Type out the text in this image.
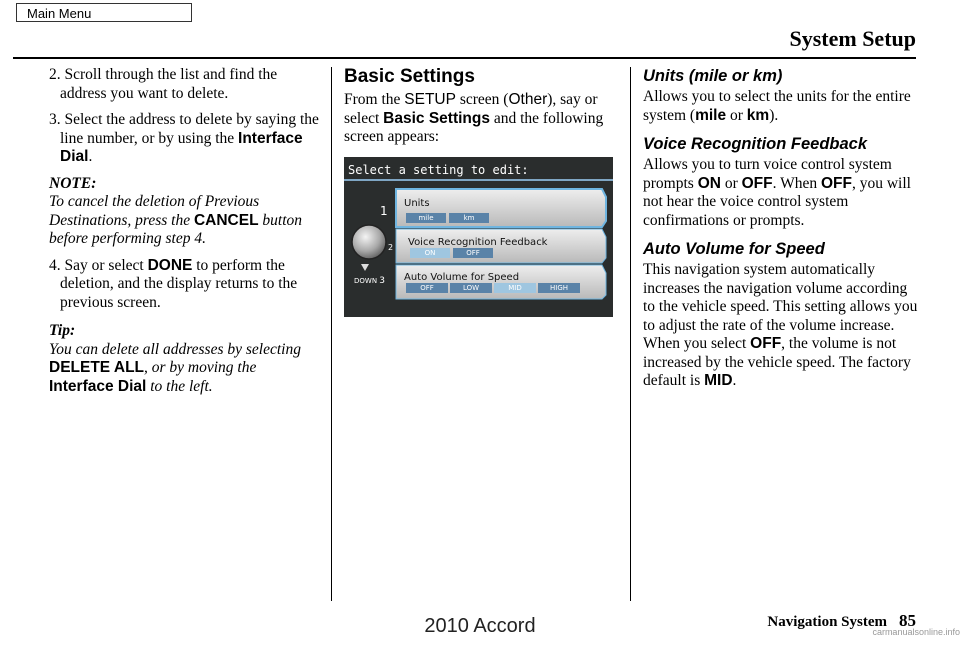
Main Menu
System Setup
2. Scroll through the list and find the address you want to delete.
3. Select the address to delete by saying the line number, or by using the Interface Dial.
NOTE:
To cancel the deletion of Previous Destinations, press the CANCEL button before performing step 4.
4. Say or select DONE to perform the deletion, and the display returns to the previous screen.
Tip:
You can delete all addresses by selecting DELETE ALL, or by moving the Interface Dial to the left.
Basic Settings

From the SETUP screen (Other), say or select Basic Settings and the following screen appears:

Select a setting to edit:
1
2
DOWN 3
Units
Voice Recognition Feedback
Auto Volume for Speed
mile	km
ON	OFF
OFF	LOW	MID	HIGH
Units (mile or km)
Allows you to select the units for the entire system (mile or km).
Voice Recognition Feedback
Allows you to turn voice control system prompts ON or OFF. When OFF, you will not hear the voice control system confirmations or prompts.
Auto Volume for Speed
This navigation system automatically increases the navigation volume according to the vehicle speed. This setting allows you to adjust the rate of the volume increase.
When you select OFF, the volume is not increased by the vehicle speed. The factory default is MID.
Navigation System 85
2010 Accord	carmanualsonline.info
